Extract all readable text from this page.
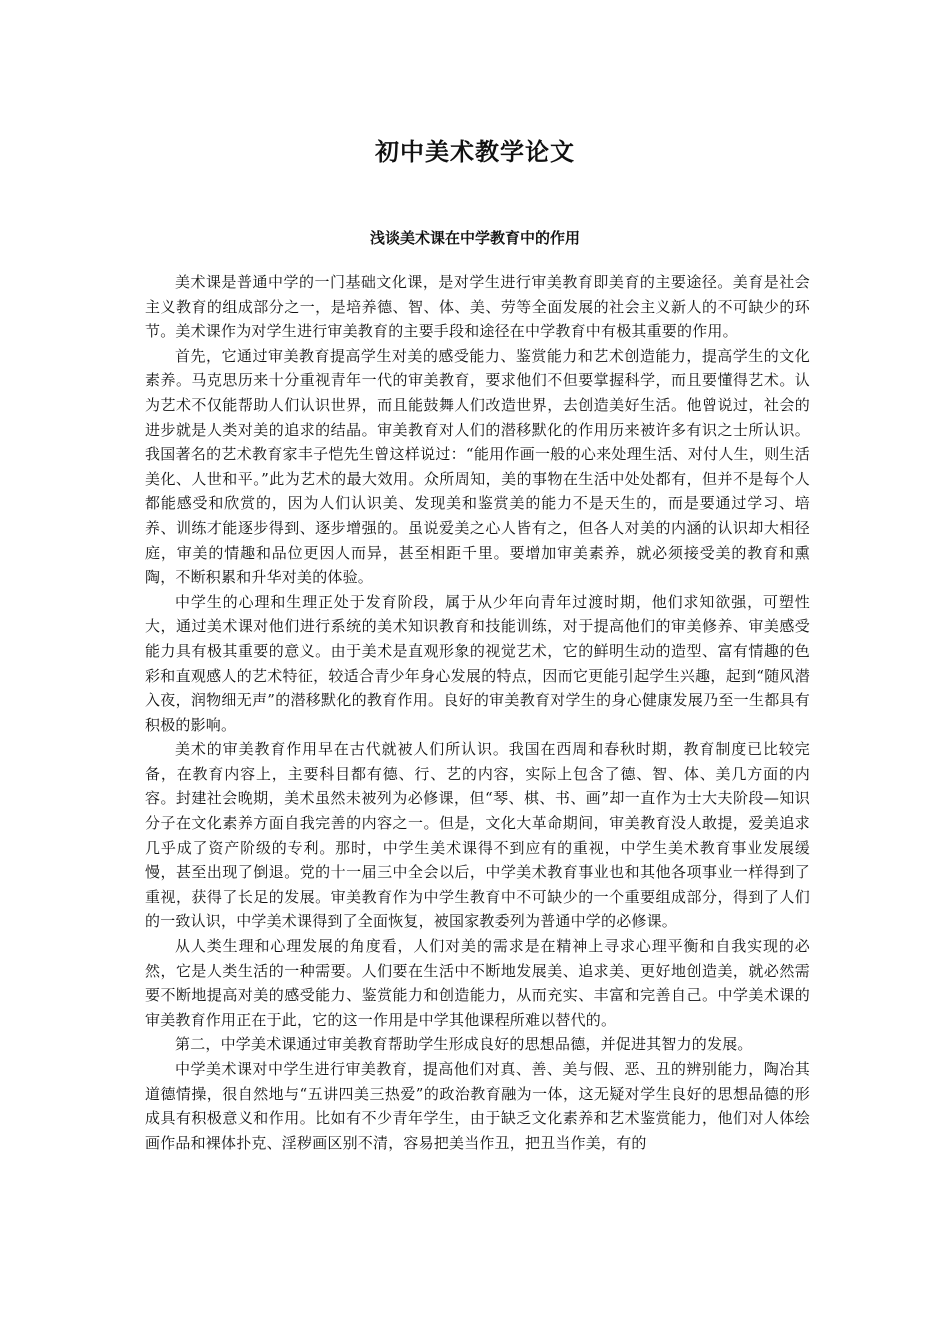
初中美术教学论文
浅谈美术课在中学教育中的作用

美术课是普通中学的一门基础文化课，是对学生进行审美教育即美育的主要途径。美育是社会主义教育的组成部分之一，是培养德、智、体、美、劳等全面发展的社会主义新人的不可缺少的环节。美术课作为对学生进行审美教育的主要手段和途径在中学教育中有极其重要的作用。

首先，它通过审美教育提高学生对美的感受能力、鉴赏能力和艺术创造能力，提高学生的文化素养。马克思历来十分重视青年一代的审美教育，要求他们不但要掌握科学，而且要懂得艺术。认为艺术不仅能帮助人们认识世界，而且能鼓舞人们改造世界，去创造美好生活。他曾说过，社会的进步就是人类对美的追求的结晶。审美教育对人们的潜移默化的作用历来被许多有识之士所认识。我国著名的艺术教育家丰子恺先生曾这样说过：“能用作画一般的心来处理生活、对付人生，则生活美化、人世和平。”此为艺术的最大效用。众所周知，美的事物在生活中处处都有，但并不是每个人都能感受和欣赏的，因为人们认识美、发现美和鉴赏美的能力不是天生的，而是要通过学习、培养、训练才能逐步得到、逐步增强的。虽说爱美之心人皆有之，但各人对美的内涵的认识却大相径庭，审美的情趣和品位更因人而异，甚至相距千里。要增加审美素养，就必须接受美的教育和熏陶，不断积累和升华对美的体验。

中学生的心理和生理正处于发育阶段，属于从少年向青年过渡时期，他们求知欲强，可塑性大，通过美术课对他们进行系统的美术知识教育和技能训练，对于提高他们的审美修养、审美感受能力具有极其重要的意义。由于美术是直观形象的视觉艺术，它的鲜明生动的造型、富有情趣的色彩和直观感人的艺术特征，较适合青少年身心发展的特点，因而它更能引起学生兴趣，起到“随风潜入夜，润物细无声”的潜移默化的教育作用。良好的审美教育对学生的身心健康发展乃至一生都具有积极的影响。

美术的审美教育作用早在古代就被人们所认识。我国在西周和春秋时期，教育制度已比较完备，在教育内容上，主要科目都有德、行、艺的内容，实际上包含了德、智、体、美几方面的内容。封建社会晚期，美术虽然未被列为必修课，但“琴、棋、书、画”却一直作为士大夫阶段—知识分子在文化素养方面自我完善的内容之一。但是，文化大革命期间，审美教育没人敢提，爱美追求几乎成了资产阶级的专利。那时，中学生美术课得不到应有的重视，中学生美术教育事业发展缓慢，甚至出现了倒退。党的十一届三中全会以后，中学美术教育事业也和其他各项事业一样得到了重视，获得了长足的发展。审美教育作为中学生教育中不可缺少的一个重要组成部分，得到了人们的一致认识，中学美术课得到了全面恢复，被国家教委列为普通中学的必修课。

从人类生理和心理发展的角度看，人们对美的需求是在精神上寻求心理平衡和自我实现的必然，它是人类生活的一种需要。人们要在生活中不断地发展美、追求美、更好地创造美，就必然需要不断地提高对美的感受能力、鉴赏能力和创造能力，从而充实、丰富和完善自己。中学美术课的审美教育作用正在于此，它的这一作用是中学其他课程所难以替代的。

第二，中学美术课通过审美教育帮助学生形成良好的思想品德，并促进其智力的发展。

中学美术课对中学生进行审美教育，提高他们对真、善、美与假、恶、丑的辨别能力，陶冶其道德情操，很自然地与“五讲四美三热爱”的政治教育融为一体，这无疑对学生良好的思想品德的形成具有积极意义和作用。比如有不少青年学生，由于缺乏文化素养和艺术鉴赏能力，他们对人体绘画作品和裸体扑克、淫秽画区别不清，容易把美当作丑，把丑当作美，有的
